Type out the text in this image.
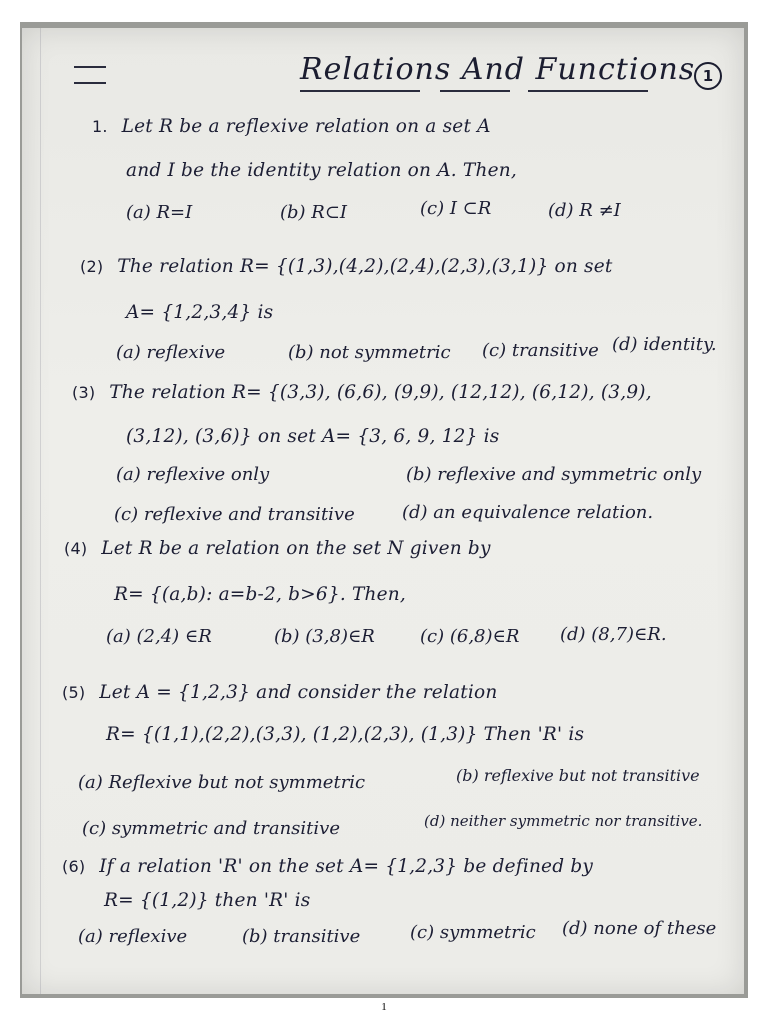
Relations And Functions 1
1. Let R be a reflexive relation on a set A
and I be the identity relation on A. Then,
(a) R=I	(b) R⊂I	(c) I ⊂R	(d) R ≠I
(2) The relation R= {(1,3),(4,2),(2,4),(2,3),(3,1)} on set
A= {1,2,3,4} is
(a) reflexive	(b) not symmetric (c) transitive (d) identity.
(3) The relation R= {(3,3), (6,6), (9,9), (12,12), (6,12), (3,9),
(3,12), (3,6)} on set A= {3, 6, 9, 12} is
(a) reflexive only	(b) reflexive and symmetric only
(c) reflexive and transitive	(d) an equivalence relation.
(4) Let R be a relation on the set N given by
R= {(a,b): a=b-2, b>6}. Then,
(a) (2,4) ∈R	(b) (3,8)∈R	(c) (6,8)∈R (d) (8,7)∈R.
(5) Let A = {1,2,3} and consider the relation
R= {(1,1),(2,2),(3,3), (1,2),(2,3), (1,3)} Then 'R' is
(a) Reflexive but not symmetric	(b) reflexive but not transitive
(c) symmetric and transitive	(d) neither symmetric nor transitive.
(6) If a relation 'R' on the set A= {1,2,3} be defined by
R= {(1,2)} then 'R' is
(a) reflexive	(b) transitive	(c) symmetric (d) none of these
1
